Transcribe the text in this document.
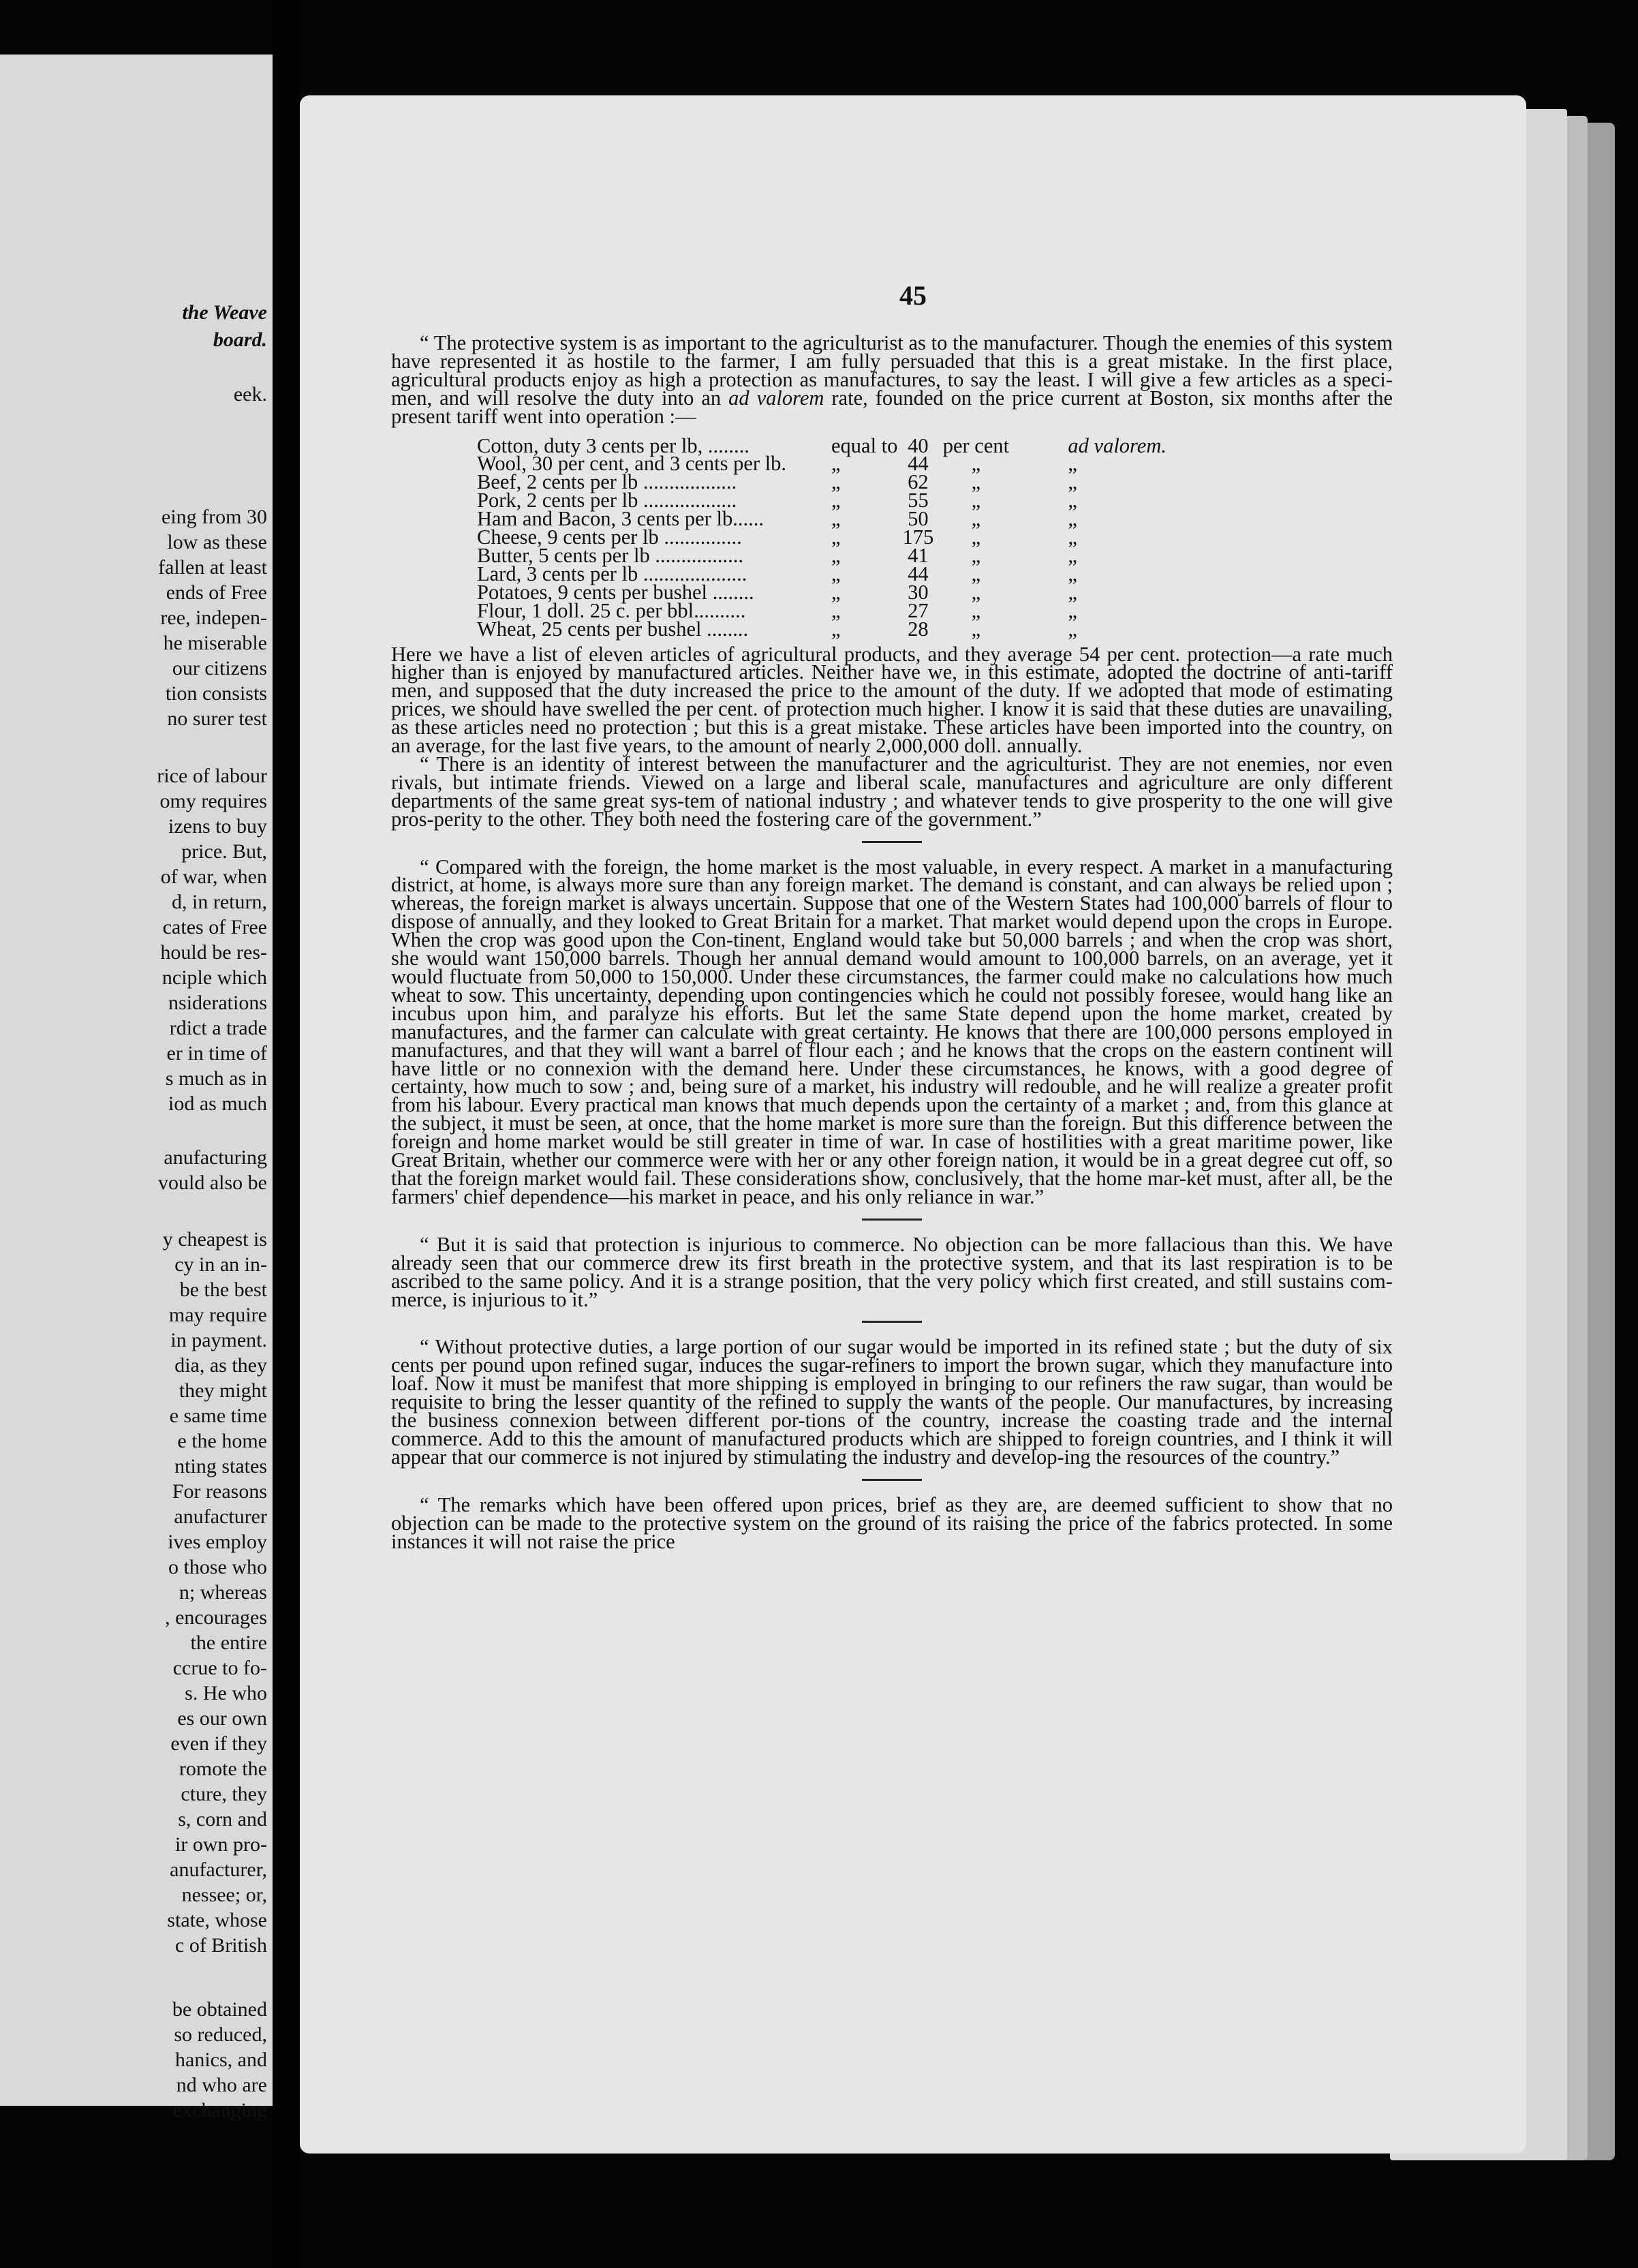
the Weave

board.

eek.

eing from 30

low as these

fallen at least

ends of Free

ree, indepen-

he miserable

our citizens

tion consists

no surer test

rice of labour

omy requires

izens to buy

price. But,

of war, when

d, in return,

cates of Free

hould be res-

nciple which

nsiderations

rdict a trade

er in time of

s much as in

iod as much

anufacturing

vould also be

y cheapest is

cy in an in-

be the best

may require

in payment.

dia, as they

they might

e same time

e the home

nting states

For reasons

anufacturer

ives employ

o those who

n; whereas

, encourages

the entire

ccrue to fo-

s. He who

es our own

even if they

romote the

cture, they

s, corn and

ir own pro-

anufacturer,

nessee; or,

state, whose

c of British

be obtained

so reduced,

hanics, and

nd who are

exchanging

45

“ The protective system is as important to the agriculturist as to the manufacturer. Though the enemies of this system have represented it as hostile to the farmer, I am fully persuaded that this is a great mistake. In the first place, agricultural products enjoy as high a protection as manufactures, to say the least. I will give a few articles as a speci-men, and will resolve the duty into an ad valorem rate, founded on the price current at Boston, six months after the present tariff went into operation :—

Cotton, duty 3 cents per lb, ........	equal to	40	per cent	ad valorem.
Wool, 30 per cent, and 3 cents per lb.	„	44	„	„
Beef, 2 cents per lb ..................	„	62	„	„
Pork, 2 cents per lb ..................	„	55	„	„
Ham and Bacon, 3 cents per lb......	„	50	„	„
Cheese, 9 cents per lb ...............	„	175	„	„
Butter, 5 cents per lb .................	„	41	„	„
Lard, 3 cents per lb ....................	„	44	„	„
Potatoes, 9 cents per bushel ........	„	30	„	„
Flour, 1 doll. 25 c. per bbl..........	„	27	„	„
Wheat, 25 cents per bushel ........	„	28	„	„

Here we have a list of eleven articles of agricultural products, and they average 54 per cent. protection—a rate much higher than is enjoyed by manufactured articles. Neither have we, in this estimate, adopted the doctrine of anti-tariff men, and supposed that the duty increased the price to the amount of the duty. If we adopted that mode of estimating prices, we should have swelled the per cent. of protection much higher. I know it is said that these duties are unavailing, as these articles need no protection ; but this is a great mistake. These articles have been imported into the country, on an average, for the last five years, to the amount of nearly 2,000,000 doll. annually.

“ There is an identity of interest between the manufacturer and the agriculturist. They are not enemies, nor even rivals, but intimate friends. Viewed on a large and liberal scale, manufactures and agriculture are only different departments of the same great sys-tem of national industry ; and whatever tends to give prosperity to the one will give pros-perity to the other. They both need the fostering care of the government.”

“ Compared with the foreign, the home market is the most valuable, in every respect. A market in a manufacturing district, at home, is always more sure than any foreign market. The demand is constant, and can always be relied upon ; whereas, the foreign market is always uncertain. Suppose that one of the Western States had 100,000 barrels of flour to dispose of annually, and they looked to Great Britain for a market. That market would depend upon the crops in Europe. When the crop was good upon the Con-tinent, England would take but 50,000 barrels ; and when the crop was short, she would want 150,000 barrels. Though her annual demand would amount to 100,000 barrels, on an average, yet it would fluctuate from 50,000 to 150,000. Under these circumstances, the farmer could make no calculations how much wheat to sow. This uncertainty, depending upon contingencies which he could not possibly foresee, would hang like an incubus upon him, and paralyze his efforts. But let the same State depend upon the home market, created by manufactures, and the farmer can calculate with great certainty. He knows that there are 100,000 persons employed in manufactures, and that they will want a barrel of flour each ; and he knows that the crops on the eastern continent will have little or no connexion with the demand here. Under these circumstances, he knows, with a good degree of certainty, how much to sow ; and, being sure of a market, his industry will redouble, and he will realize a greater profit from his labour. Every practical man knows that much depends upon the certainty of a market ; and, from this glance at the subject, it must be seen, at once, that the home market is more sure than the foreign. But this difference between the foreign and home market would be still greater in time of war. In case of hostilities with a great maritime power, like Great Britain, whether our commerce were with her or any other foreign nation, it would be in a great degree cut off, so that the foreign market would fail. These considerations show, conclusively, that the home mar-ket must, after all, be the farmers' chief dependence—his market in peace, and his only reliance in war.”

“ But it is said that protection is injurious to commerce. No objection can be more fallacious than this. We have already seen that our commerce drew its first breath in the protective system, and that its last respiration is to be ascribed to the same policy. And it is a strange position, that the very policy which first created, and still sustains com-merce, is injurious to it.”

“ Without protective duties, a large portion of our sugar would be imported in its refined state ; but the duty of six cents per pound upon refined sugar, induces the sugar-refiners to import the brown sugar, which they manufacture into loaf. Now it must be manifest that more shipping is employed in bringing to our refiners the raw sugar, than would be requisite to bring the lesser quantity of the refined to supply the wants of the people. Our manufactures, by increasing the business connexion between different por-tions of the country, increase the coasting trade and the internal commerce. Add to this the amount of manufactured products which are shipped to foreign countries, and I think it will appear that our commerce is not injured by stimulating the industry and develop-ing the resources of the country.”

“ The remarks which have been offered upon prices, brief as they are, are deemed sufficient to show that no objection can be made to the protective system on the ground of its raising the price of the fabrics protected. In some instances it will not raise the price
